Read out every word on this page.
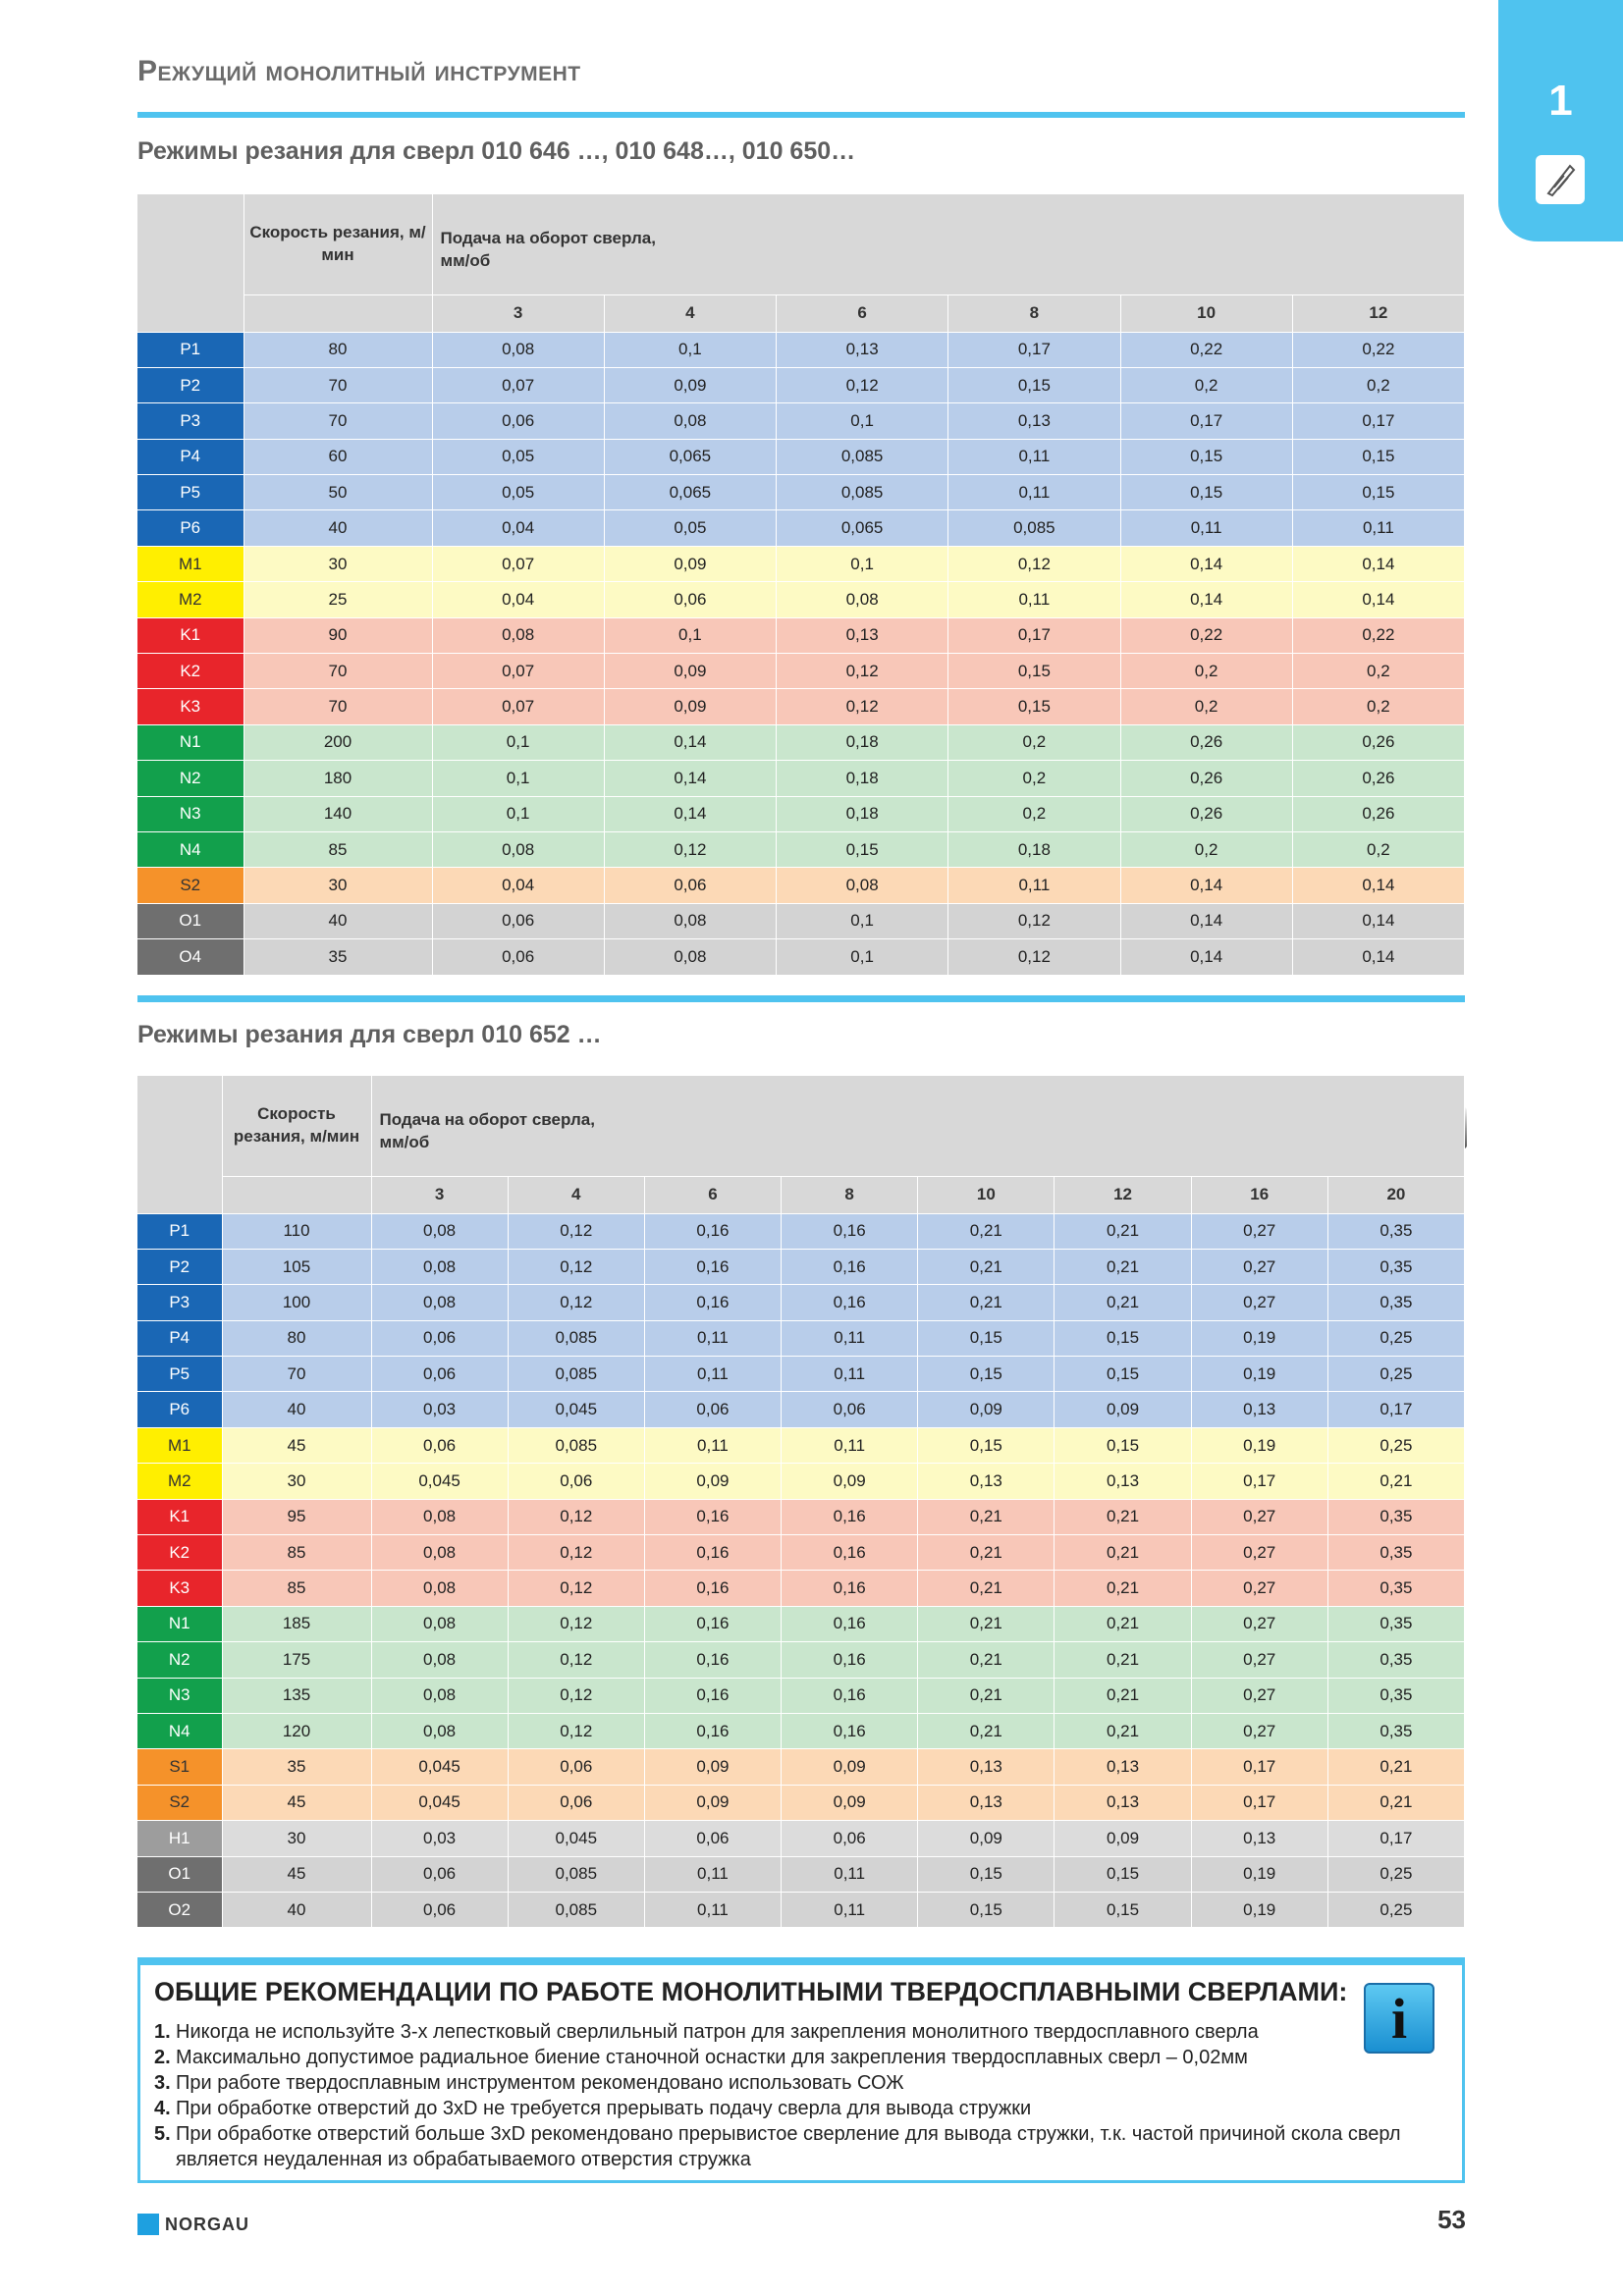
Режущий монолитный инструмент
1
Режимы резания для сверл 010 646 …, 010 648…, 010 650…
	Скорость резания, м/мин	Подача на оборот сверла,
мм/об					

		3	4	6	8	10	12
P1	80	0,08	0,1	0,13	0,17	0,22	0,22
P2	70	0,07	0,09	0,12	0,15	0,2	0,2
P3	70	0,06	0,08	0,1	0,13	0,17	0,17
P4	60	0,05	0,065	0,085	0,11	0,15	0,15
P5	50	0,05	0,065	0,085	0,11	0,15	0,15
P6	40	0,04	0,05	0,065	0,085	0,11	0,11
M1	30	0,07	0,09	0,1	0,12	0,14	0,14
M2	25	0,04	0,06	0,08	0,11	0,14	0,14
K1	90	0,08	0,1	0,13	0,17	0,22	0,22
K2	70	0,07	0,09	0,12	0,15	0,2	0,2
K3	70	0,07	0,09	0,12	0,15	0,2	0,2
N1	200	0,1	0,14	0,18	0,2	0,26	0,26
N2	180	0,1	0,14	0,18	0,2	0,26	0,26
N3	140	0,1	0,14	0,18	0,2	0,26	0,26
N4	85	0,08	0,12	0,15	0,18	0,2	0,2
S2	30	0,04	0,06	0,08	0,11	0,14	0,14
O1	40	0,06	0,08	0,1	0,12	0,14	0,14
O4	35	0,06	0,08	0,1	0,12	0,14	0,14
Режимы резания для сверл 010 652 …
	Скорость резания, м/мин	Подача на оборот сверла,
мм/об							

		3	4	6	8	10	12	16	20
P1	110	0,08	0,12	0,16	0,16	0,21	0,21	0,27	0,35
P2	105	0,08	0,12	0,16	0,16	0,21	0,21	0,27	0,35
P3	100	0,08	0,12	0,16	0,16	0,21	0,21	0,27	0,35
P4	80	0,06	0,085	0,11	0,11	0,15	0,15	0,19	0,25
P5	70	0,06	0,085	0,11	0,11	0,15	0,15	0,19	0,25
P6	40	0,03	0,045	0,06	0,06	0,09	0,09	0,13	0,17
M1	45	0,06	0,085	0,11	0,11	0,15	0,15	0,19	0,25
M2	30	0,045	0,06	0,09	0,09	0,13	0,13	0,17	0,21
K1	95	0,08	0,12	0,16	0,16	0,21	0,21	0,27	0,35
K2	85	0,08	0,12	0,16	0,16	0,21	0,21	0,27	0,35
K3	85	0,08	0,12	0,16	0,16	0,21	0,21	0,27	0,35
N1	185	0,08	0,12	0,16	0,16	0,21	0,21	0,27	0,35
N2	175	0,08	0,12	0,16	0,16	0,21	0,21	0,27	0,35
N3	135	0,08	0,12	0,16	0,16	0,21	0,21	0,27	0,35
N4	120	0,08	0,12	0,16	0,16	0,21	0,21	0,27	0,35
S1	35	0,045	0,06	0,09	0,09	0,13	0,13	0,17	0,21
S2	45	0,045	0,06	0,09	0,09	0,13	0,13	0,17	0,21
H1	30	0,03	0,045	0,06	0,06	0,09	0,09	0,13	0,17
O1	45	0,06	0,085	0,11	0,11	0,15	0,15	0,19	0,25
O2	40	0,06	0,085	0,11	0,11	0,15	0,15	0,19	0,25
ОБЩИЕ РЕКОМЕНДАЦИИ ПО РАБОТЕ МОНОЛИТНЫМИ ТВЕРДОСПЛАВНЫМИ СВЕРЛАМИ:
1. Никогда не используйте 3-х лепестковый сверлильный патрон для закрепления монолитного твердосплавного сверла
2. Максимально допустимое радиальное биение станочной оснастки для закрепления твердосплавных сверл – 0,02мм
3. При работе твердосплавным инструментом рекомендовано использовать СОЖ
4. При обработке отверстий до 3хD не требуется прерывать подачу сверла для вывода стружки
5. При обработке отверстий больше 3хD рекомендовано прерывистое сверление для вывода стружки, т.к. частой причиной скола сверл является неудаленная из обрабатываемого отверстия стружка
i
NORGAU	53
